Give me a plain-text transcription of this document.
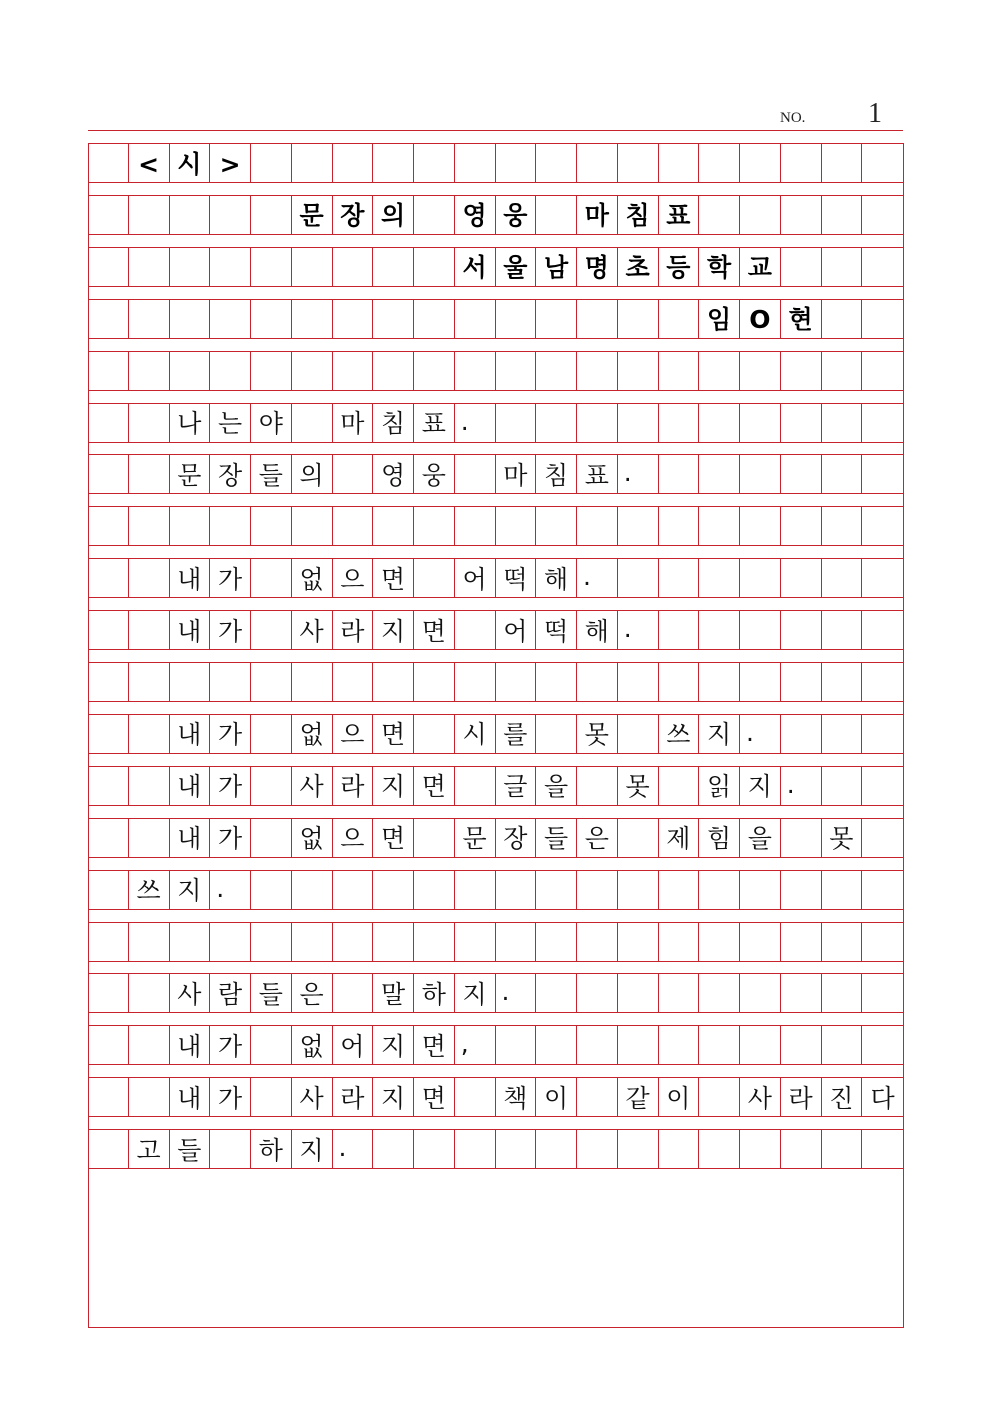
NO. 1
< 시 >
문 장 의	영 웅	마 침 표
서 울 남 명 초 등 학 교
임 O 현
나 는 야	마 침 표 .
문 장 들 의	영 웅	마 침 표 .
내 가	없 으 면	어 떡 해 .
내 가	사 라 지 면	어 떡 해 .
내 가	없 으 면	시 를	못	쓰 지 .
내 가	사 라 지 면	글 을	못	읽 지 .
내 가	없 으 면	문 장 들 은	제 힘 을	못
쓰 지 .
사 람 들 은	말 하 지 .
내 가	없 어 지 면 ,
내 가	사 라 지 면	책 이	같 이	사 라 진 다
고 들	하 지 .
